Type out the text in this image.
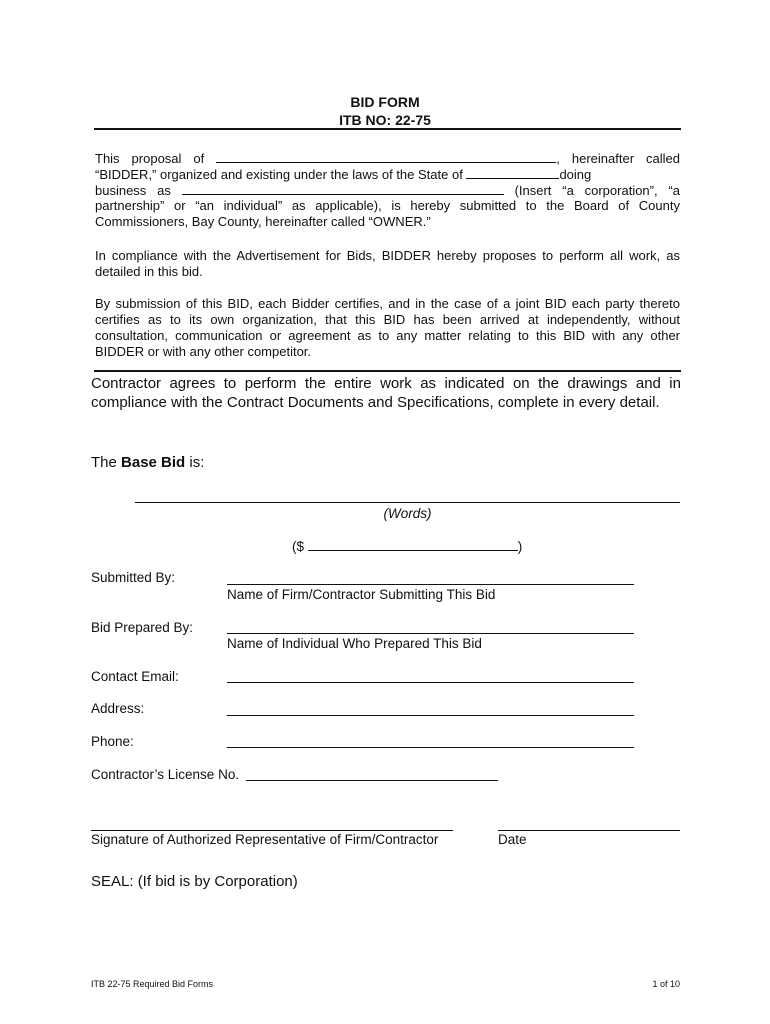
BID FORM
ITB NO: 22-75
This proposal of	, hereinafter called
“BIDDER,” organized and existing under the laws of the State of	doing
business as	(Insert “a corporation”, “a
partnership” or “an individual” as applicable), is hereby submitted to the Board of County
Commissioners, Bay County, hereinafter called “OWNER.”
In compliance with the Advertisement for Bids, BIDDER hereby proposes to perform all work, as
detailed in this bid.
By submission of this BID, each Bidder certifies, and in the case of a joint BID each party thereto
certifies as to its own organization, that this BID has been arrived at independently, without
consultation, communication or agreement as to any matter relating to this BID with any other
BIDDER or with any other competitor.
Contractor agrees to perform the entire work as indicated on the drawings and in
compliance with the Contract Documents and Specifications, complete in every detail.
The Base Bid is:
(Words)
($	)
Submitted By:
Name of Firm/Contractor Submitting This Bid
Bid Prepared By:
Name of Individual Who Prepared This Bid
Contact Email:
Address:
Phone:
Contractor’s License No.
Signature of Authorized Representative of Firm/Contractor	Date
SEAL: (If bid is by Corporation)
ITB 22-75 Required Bid Forms	1 of 10
